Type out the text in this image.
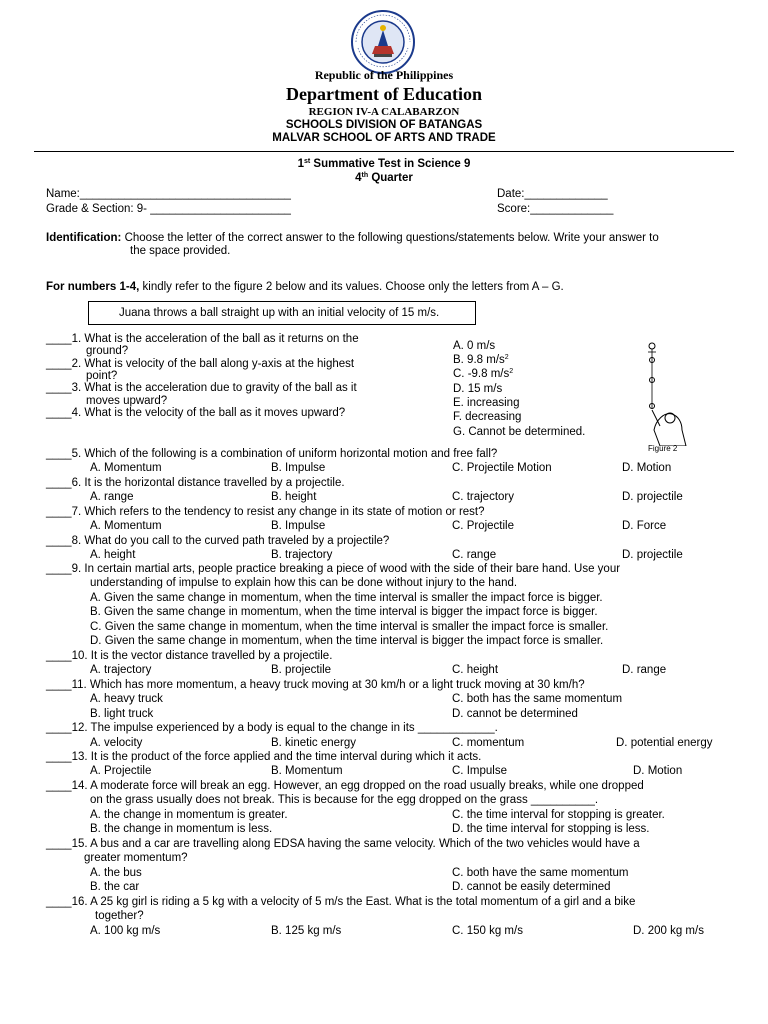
Republic of the Philippines
Department of Education
REGION IV-A CALABARZON
SCHOOLS DIVISION OF BATANGAS
MALVAR SCHOOL OF ARTS AND TRADE
1st Summative Test in Science 9
4th Quarter
Name:_________________________________	Date:_____________
Grade & Section: 9- ______________________	Score:_____________
Identification: Choose the letter of the correct answer to the following questions/statements below. Write your answer to
the space provided.
For numbers 1-4, kindly refer to the figure 2 below and its values. Choose only the letters from A – G.
Juana throws a ball straight up with an initial velocity of 15 m/s.
____1. What is the acceleration of the ball as it returns on the
ground?
____2. What is velocity of the ball along y-axis at the highest
point?
____3. What is the acceleration due to gravity of the ball as it
moves upward?
____4. What is the velocity of the ball as it moves upward?
A. 0 m/s
B. 9.8 $m/s^2$
C. -9.8 $m/s^2$
D. 15 m/s
E. increasing
F. decreasing
G. Cannot be determined.
Figure 2
____5. Which of the following is a combination of uniform horizontal motion and free fall?
A. Momentum	B. Impulse	C. Projectile Motion	D. Motion
____6. It is the horizontal distance travelled by a projectile.
A. range	B. height	C. trajectory	D. projectile
____7. Which refers to the tendency to resist any change in its state of motion or rest?
A. Momentum	B. Impulse	C. Projectile	D. Force
____8. What do you call to the curved path traveled by a projectile?
A. height	B. trajectory	C. range	D. projectile
____9. In certain martial arts, people practice breaking a piece of wood with the side of their bare hand. Use your
understanding of impulse to explain how this can be done without injury to the hand.
A. Given the same change in momentum, when the time interval is smaller the impact force is bigger.
B. Given the same change in momentum, when the time interval is bigger the impact force is bigger.
C. Given the same change in momentum, when the time interval is smaller the impact force is smaller.
D. Given the same change in momentum, when the time interval is bigger the impact force is smaller.
____10. It is the vector distance travelled by a projectile.
A. trajectory	B. projectile	C. height	D. range
____11. Which has more momentum, a heavy truck moving at 30 km/h or a light truck moving at 30 km/h?
A. heavy truck	C. both has the same momentum
B. light truck	D. cannot be determined
____12. The impulse experienced by a body is equal to the change in its ____________.
A. velocity	B. kinetic energy	C. momentum	D. potential energy
____13. It is the product of the force applied and the time interval during which it acts.
A. Projectile	B. Momentum	C. Impulse	D. Motion
____14. A moderate force will break an egg. However, an egg dropped on the road usually breaks, while one dropped
on the grass usually does not break. This is because for the egg dropped on the grass __________.
A. the change in momentum is greater.	C. the time interval for stopping is greater.
B. the change in momentum is less.	D. the time interval for stopping is less.
____15. A bus and a car are travelling along EDSA having the same velocity. Which of the two vehicles would have a
greater momentum?
A. the bus	C. both have the same momentum
B. the car	D. cannot be easily determined
____16. A 25 kg girl is riding a 5 kg with a velocity of 5 m/s the East. What is the total momentum of a girl and a bike
together?
A. 100 kg m/s	B. 125 kg m/s	C. 150 kg m/s	D. 200 kg m/s
